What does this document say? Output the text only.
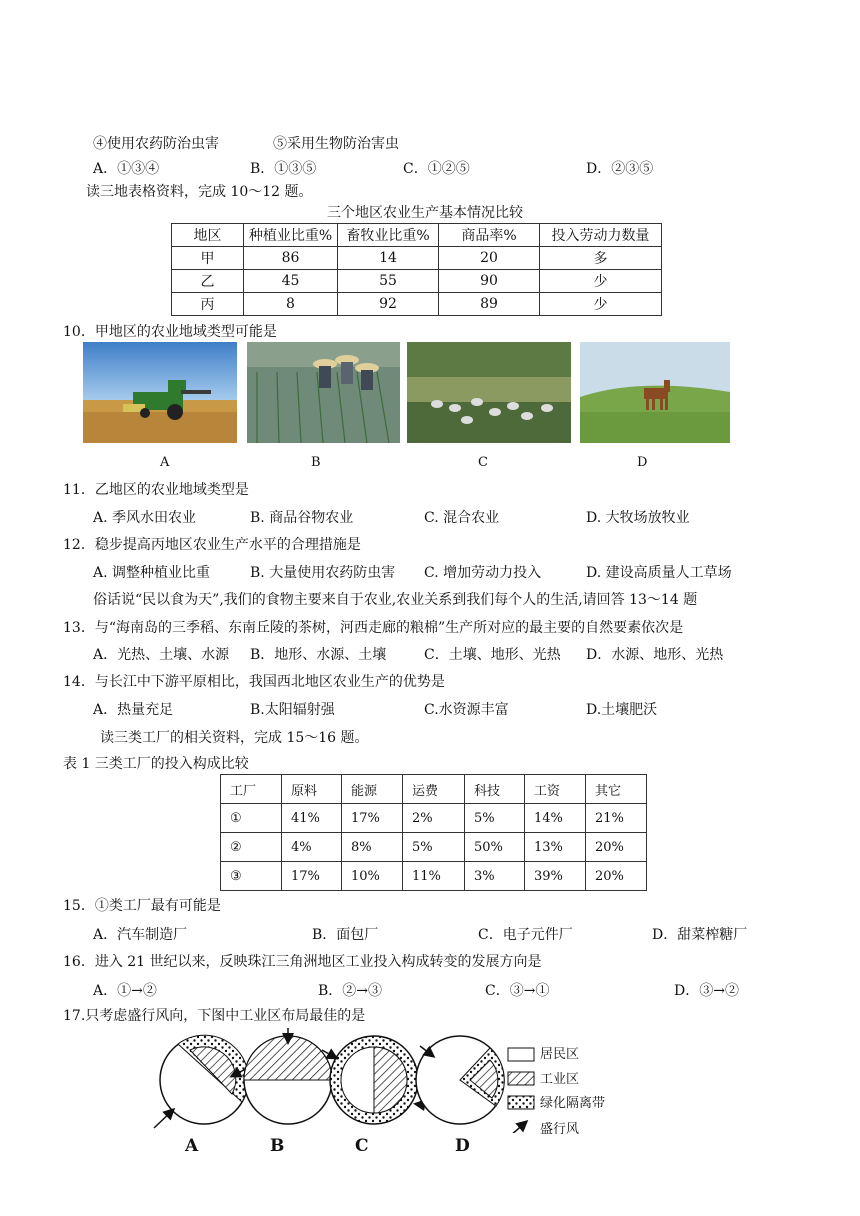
④使用农药防治虫害	⑤采用生物防治害虫
A．①③④	B．①③⑤	C．①②⑤	D．②③⑤
读三地表格资料，完成 10～12 题。
三个地区农业生产基本情况比较
地区	种植业比重%	畜牧业比重%	商品率%	投入劳动力数量
甲	86	14	20	多
乙	45	55	90	少
丙	8	92	89	少
10．甲地区的农业地域类型可能是
A	B	C	D
11．乙地区的农业地域类型是
A. 季风水田农业	B. 商品谷物农业	C. 混合农业	D. 大牧场放牧业
12．稳步提高丙地区农业生产水平的合理措施是
A. 调整种植业比重	B. 大量使用农药防虫害 C. 增加劳动力投入	D. 建设高质量人工草场
俗话说“民以食为天”,我们的食物主要来自于农业,农业关系到我们每个人的生活,请回答 13～14 题
13．与“海南岛的三季稻、东南丘陵的茶树，河西走廊的粮棉”生产所对应的最主要的自然要素依次是
A．光热、土壤、水源 B．地形、水源、土壤	C．土壤、地形、光热 D．水源、地形、光热
14．与长江中下游平原相比，我国西北地区农业生产的优势是
A．热量充足	B.太阳辐射强	C.水资源丰富	D.土壤肥沃
读三类工厂的相关资料，完成 15～16 题。
表 1 三类工厂的投入构成比较
工厂	原料	能源	运费	科技	工资	其它
①	41%	17%	2%	5%	14%	21%
②	4%	8%	5%	50%	13%	20%
③	17%	10%	11%	3%	39%	20%
15．①类工厂最有可能是
A．汽车制造厂	B．面包厂	C．电子元件厂	D．甜菜榨糖厂
16．进入 21 世纪以来，反映珠江三角洲地区工业投入构成转变的发展方向是
A．①→②	B．②→③	C．③→①	D．③→②
17.只考虑盛行风向，下图中工业区布局最佳的是
居民区
工业区
绿化隔离带
盛行风
A	B	C	D
